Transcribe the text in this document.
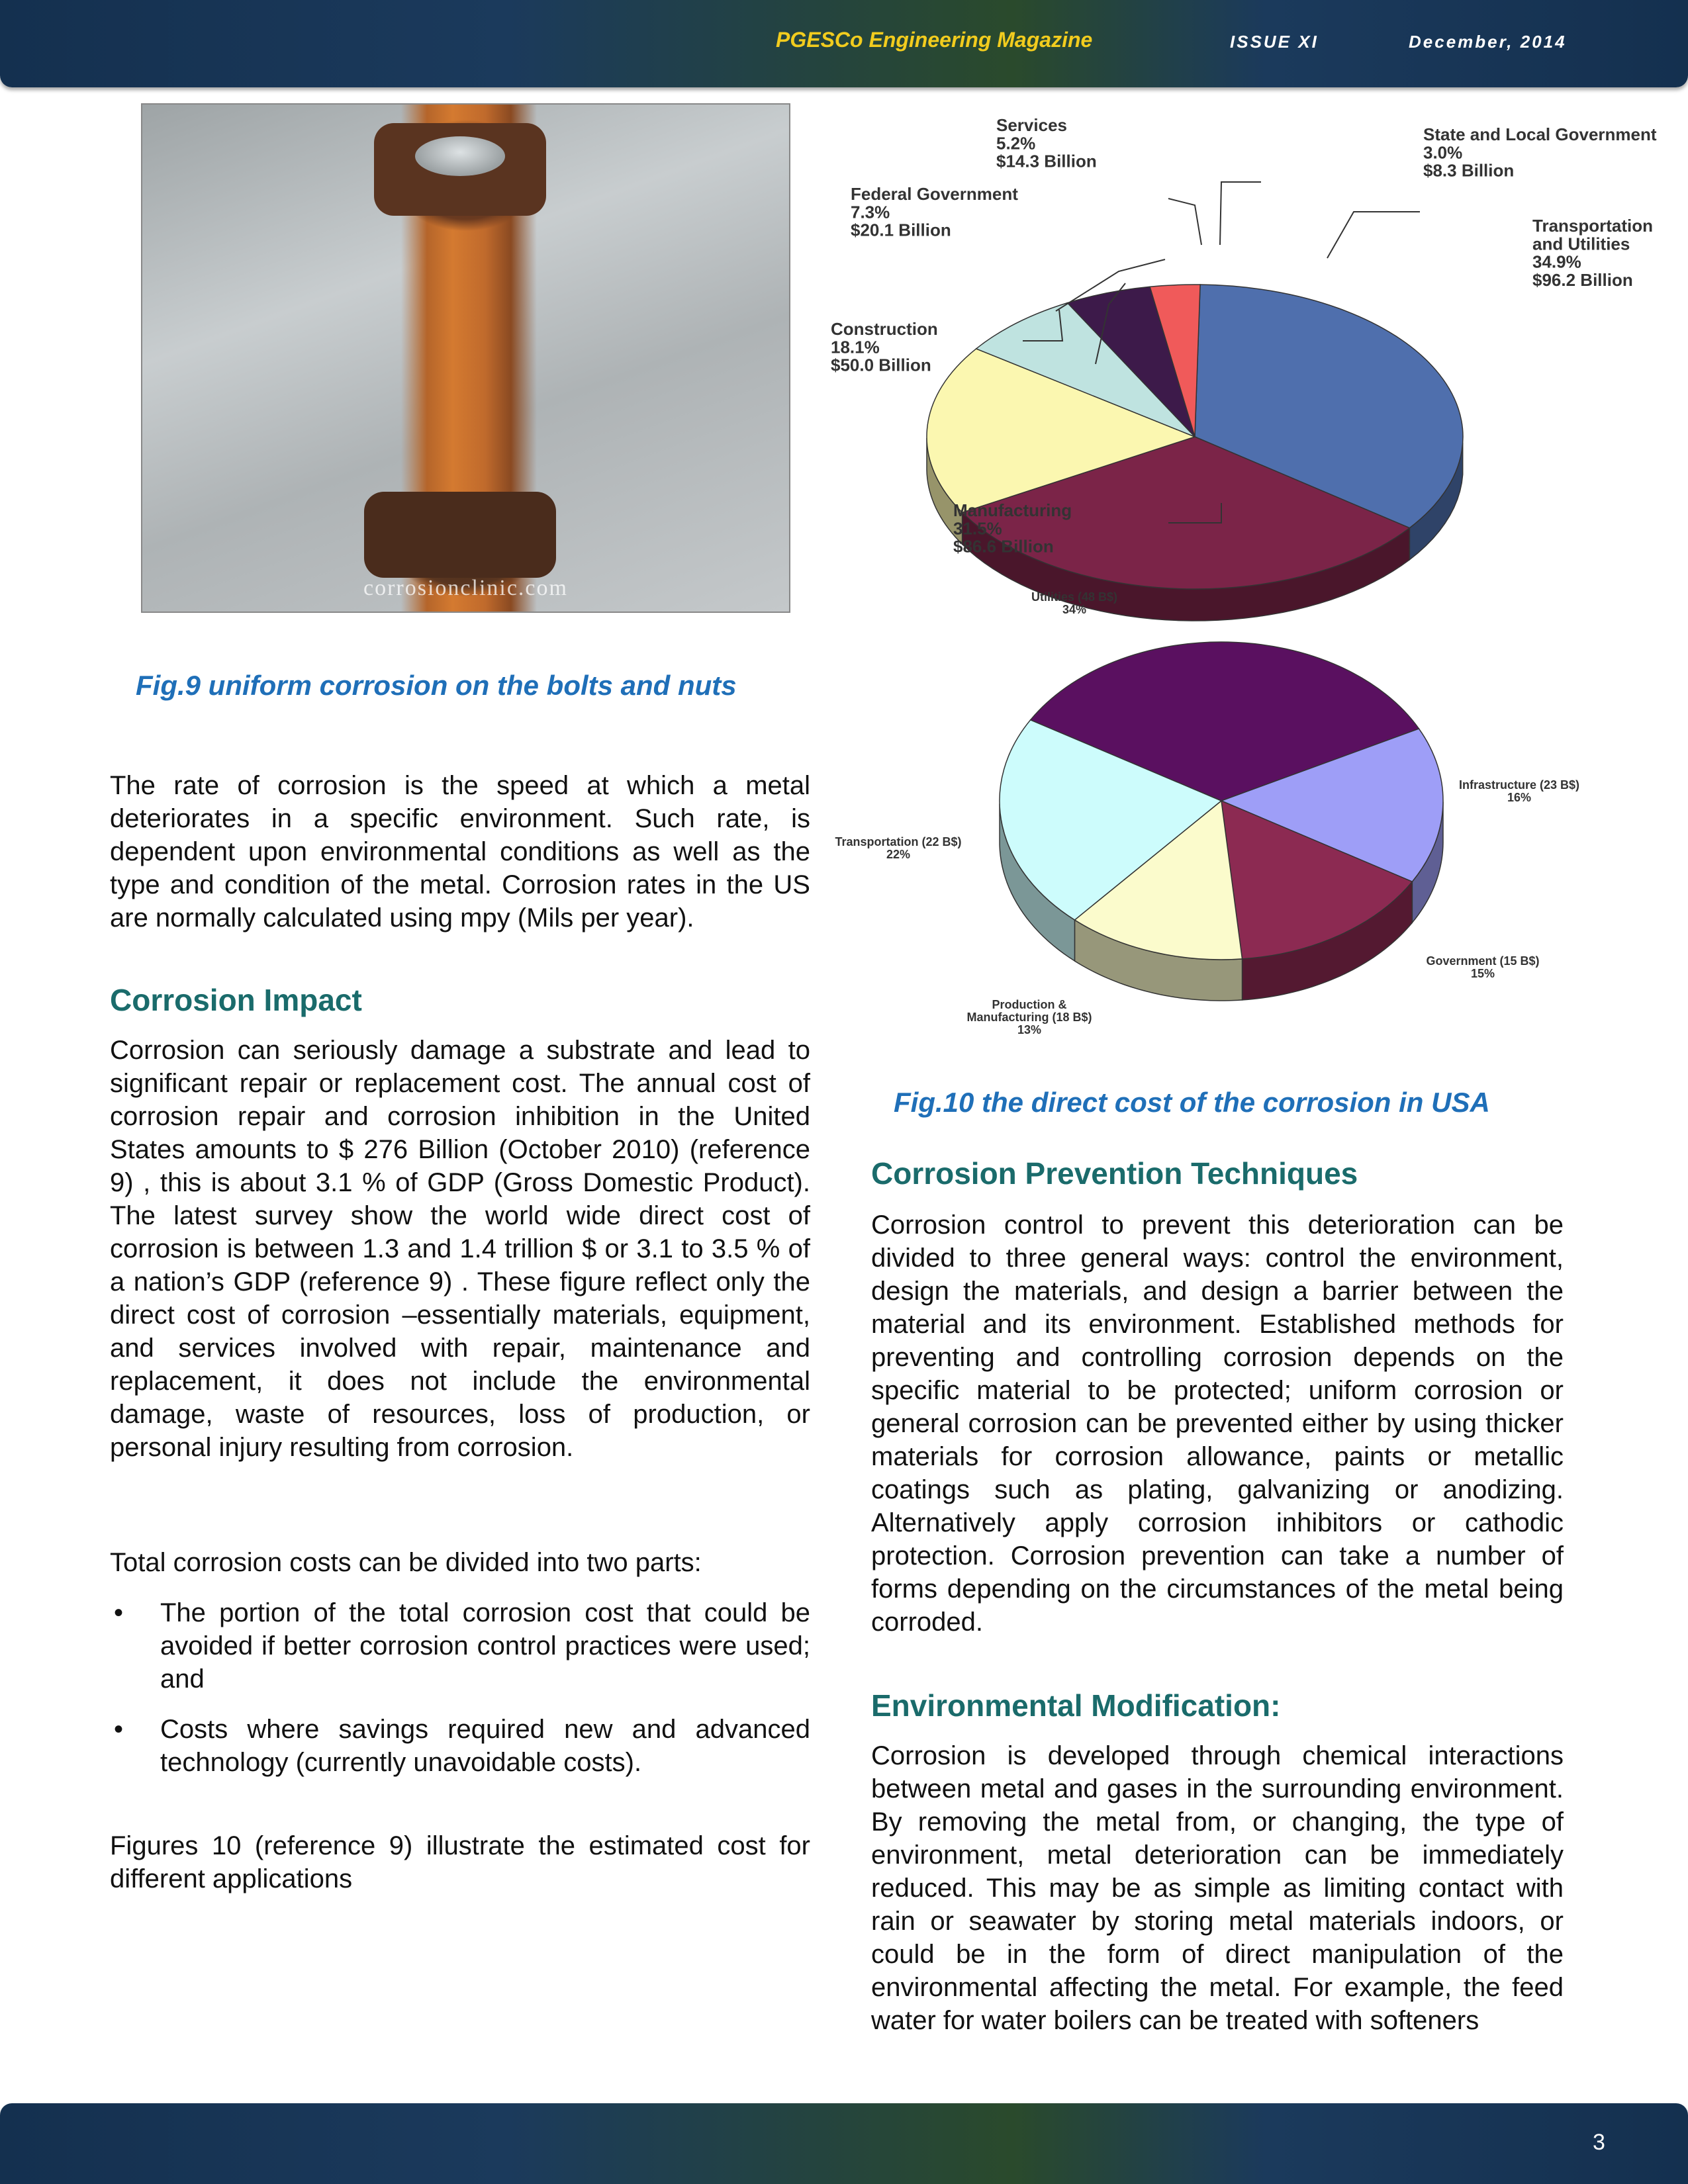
PGESCo Engineering Magazine	ISSUE XI	December, 2014
corrosionclinic.com
Fig.9 uniform corrosion on the bolts and nuts

The rate of corrosion is the speed at which a metal deteriorates in a specific environment. Such rate, is dependent upon environmental conditions as well as the type and condition of the metal. Corrosion rates in the US are normally calculated using mpy (Mils per year).

Corrosion Impact

Corrosion can seriously damage a substrate and lead to significant repair or replacement cost. The annual cost of corrosion repair and corrosion inhibition in the United States amounts to $ 276 Billion (October 2010) (reference 9) , this is about 3.1 % of GDP (Gross Domestic Product). The latest survey show the world wide direct cost of corrosion is between 1.3 and 1.4 trillion $ or 3.1 to 3.5 % of a nation’s GDP (reference 9) . These figure reflect only the direct cost of corrosion –essentially materials, equipment, and services involved with repair, maintenance and replacement, it does not include the environmental damage, waste of resources, loss of production, or personal injury resulting from corrosion.

Total corrosion costs can be divided into two parts:

• The portion of the total corrosion cost that could be avoided if better corrosion control practices were used; and
• Costs where savings required new and advanced technology (currently unavoidable costs).

Figures 10 (reference 9) illustrate the estimated cost for different applications

State and Local Government 3.0% $8.3 Billion
Transportation and Utilities 34.9% $96.2 Billion
Services 5.2% $14.3 Billion
Federal Government 7.3% $20.1 Billion
Construction 18.1% $50.0 Billion
Manufacturing 31.5% $86.6 Billion
Utilities (48 B$) 34%
Infrastructure (23 B$) 16%
Government (15 B$) 15%
Production & Manufacturing (18 B$) 13%
Transportation (22 B$) 22%
Fig.10 the direct cost of the corrosion in USA
Corrosion Prevention Techniques

Corrosion control to prevent this deterioration can be divided to three general ways: control the environment, design the materials, and design a barrier between the material and its environment. Established methods for preventing and controlling corrosion depends on the specific material to be protected; uniform corrosion or general corrosion can be prevented either by using thicker materials for corrosion allowance, paints or metallic coatings such as plating, galvanizing or anodizing. Alternatively apply corrosion inhibitors or cathodic protection. Corrosion prevention can take a number of forms depending on the circumstances of the metal being corroded.

Environmental Modification:

Corrosion is developed through chemical interactions between metal and gases in the surrounding environment. By removing the metal from, or changing, the type of environment, metal deterioration can be immediately reduced. This may be as simple as limiting contact with rain or seawater by storing metal materials indoors, or could be in the form of direct manipulation of the environmental affecting the metal. For example, the feed water for water boilers can be treated with softeners

3
